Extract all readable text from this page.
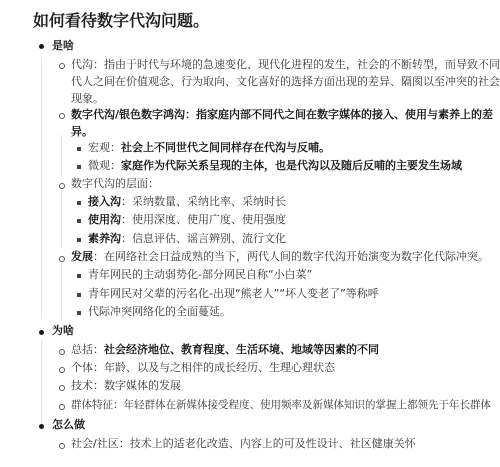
如何看待数字代沟问题。
是啥
代沟：指由于时代与环境的急速变化、现代化进程的发生，社会的不断转型，而导致不同
代人之间在价值观念、行为取向、文化喜好的选择方面出现的差异、隔阂以至冲突的社会
现象。
数字代沟/银色数字鸿沟：指家庭内部不同代之间在数字媒体的接入、使用与素养上的差
异。
宏观：社会上不同世代之间同样存在代沟与反哺。
微观：家庭作为代际关系呈现的主体，也是代沟以及随后反哺的主要发生场域
数字代沟的层面：
接入沟：采纳数量、采纳比率、采纳时长
使用沟：使用深度、使用广度、使用强度
素养沟：信息评估、谣言辨别、流行文化
发展：在网络社会日益成熟的当下，两代人间的数字代沟开始演变为数字化代际冲突。
青年网民的主动弱势化-部分网民自称“小白菜”
青年网民对父辈的污名化-出现“熊老人”“坏人变老了”等称呼
代际冲突网络化的全面蔓延。
为啥
总括：社会经济地位、教育程度、生活环境、地域等因素的不同
个体：年龄、以及与之相伴的成长经历、生理心理状态
技术：数字媒体的发展
群体特征：年轻群体在新媒体接受程度、使用频率及新媒体知识的掌握上都领先于年长群体
怎么做
社会/社区：技术上的适老化改造、内容上的可及性设计、社区健康关怀
